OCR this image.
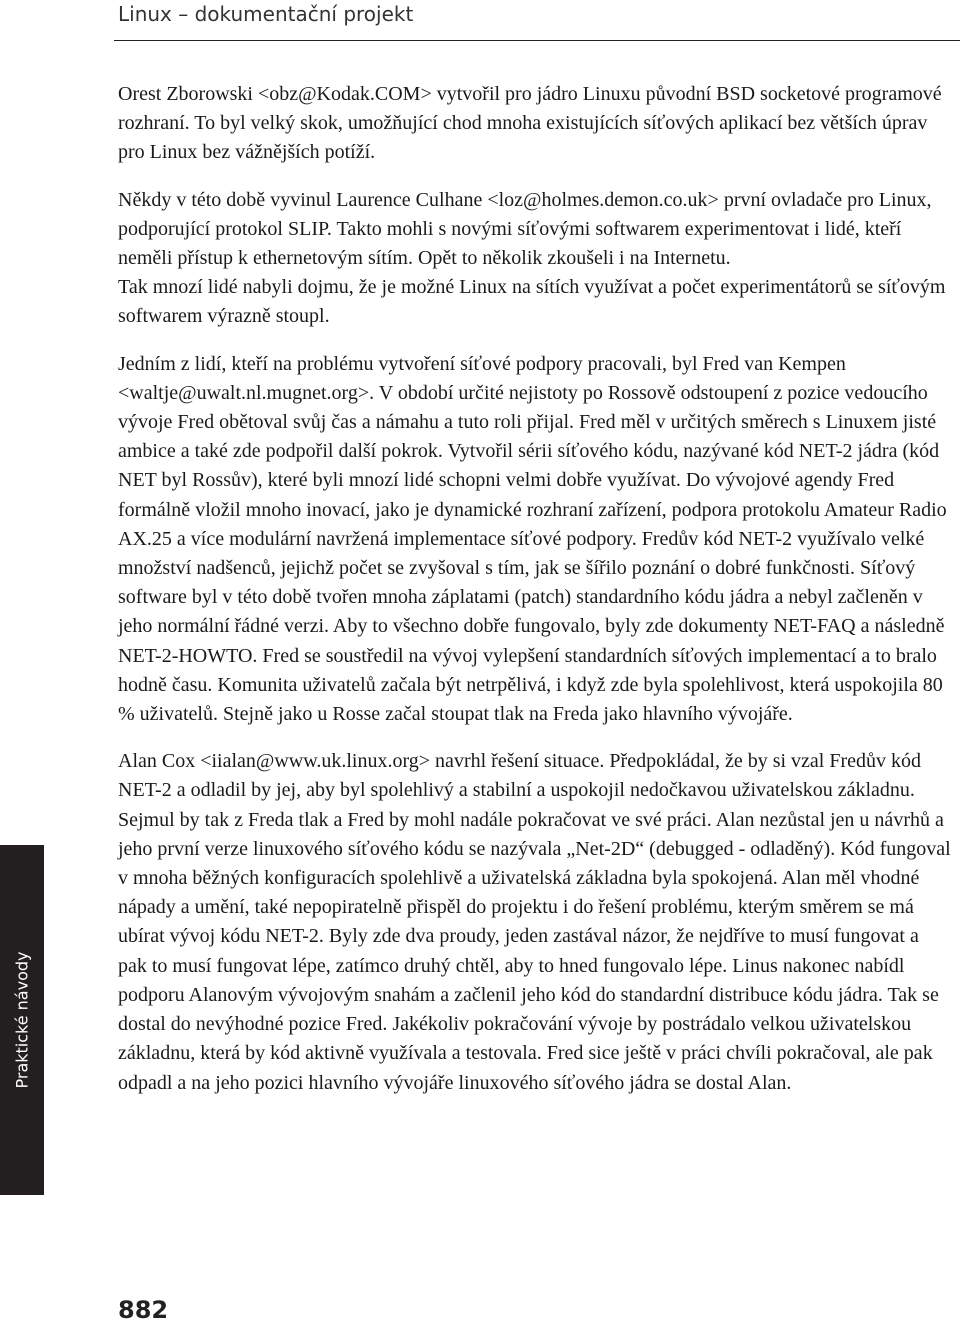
Linux – dokumentační projekt

Orest Zborowski <obz@Kodak.COM> vytvořil pro jádro Linuxu původní BSD socketové programové rozhraní. To byl velký skok, umožňující chod mnoha existujících síťových aplikací bez větších úprav pro Linux bez vážnějších potíží.

Někdy v této době vyvinul Laurence Culhane <loz@holmes.demon.co.uk> první ovladače pro Linux, podporující protokol SLIP. Takto mohli s novými síťovými softwarem experimentovat i lidé, kteří neměli přístup k ethernetovým sítím. Opět to několik zkoušeli i na Internetu.

Tak mnozí lidé nabyli dojmu, že je možné Linux na sítích využívat a počet experimentátorů se síťovým softwarem výrazně stoupl.

Jedním z lidí, kteří na problému vytvoření síťové podpory pracovali, byl Fred van Kempen <waltje@uwalt.nl.mugnet.org>. V období určité nejistoty po Rossově odstoupení z pozice vedoucího vývoje Fred obětoval svůj čas a námahu a tuto roli přijal. Fred měl v určitých směrech s Linuxem jisté ambice a také zde podpořil další pokrok. Vytvořil sérii síťového kódu, nazývané kód NET-2 jádra (kód NET byl Rossův), které byli mnozí lidé schopni velmi dobře využívat. Do vývojové agendy Fred formálně vložil mnoho inovací, jako je dynamické rozhraní zařízení, podpora protokolu Amateur Radio AX.25 a více modulární navržená implementace síťové podpory. Fredův kód NET-2 využívalo velké množství nadšenců, jejichž počet se zvyšoval s tím, jak se šířilo poznání o dobré funkčnosti. Síťový software byl v této době tvořen mnoha záplatami (patch) standardního kódu jádra a nebyl začleněn v jeho normální řádné verzi. Aby to všechno dobře fungovalo, byly zde dokumenty NET-FAQ a následně NET-2-HOWTO. Fred se soustředil na vývoj vylepšení standardních síťových implementací a to bralo hodně času. Komunita uživatelů začala být netrpělivá, i když zde byla spolehlivost, která uspokojila 80 % uživatelů. Stejně jako u Rosse začal stoupat tlak na Freda jako hlavního vývojáře.

Alan Cox <iialan@www.uk.linux.org> navrhl řešení situace. Předpokládal, že by si vzal Fredův kód NET-2 a odladil by jej, aby byl spolehlivý a stabilní a uspokojil nedočkavou uživatelskou základnu. Sejmul by tak z Freda tlak a Fred by mohl nadále pokračovat ve své práci. Alan nezůstal jen u návrhů a jeho první verze linuxového síťového kódu se nazývala „Net-2D“ (debugged - odladěný). Kód fungoval v mnoha běžných konfiguracích spolehlivě a uživatelská základna byla spokojená. Alan měl vhodné nápady a umění, také nepopiratelně přispěl do projektu i do řešení problému, kterým směrem se má ubírat vývoj kódu NET-2. Byly zde dva proudy, jeden zastával názor, že nejdříve to musí fungovat a pak to musí fungovat lépe, zatímco druhý chtěl, aby to hned fungovalo lépe. Linus nakonec nabídl podporu Alanovým vývojovým snahám a začlenil jeho kód do standardní distribuce kódu jádra. Tak se dostal do nevýhodné pozice Fred. Jakékoliv pokračování vývoje by postrádalo velkou uživatelskou základnu, která by kód aktivně využívala a testovala. Fred sice ještě v práci chvíli pokračoval, ale pak odpadl a na jeho pozici hlavního vývojáře linuxového síťového jádra se dostal Alan.

Praktické návody
882
